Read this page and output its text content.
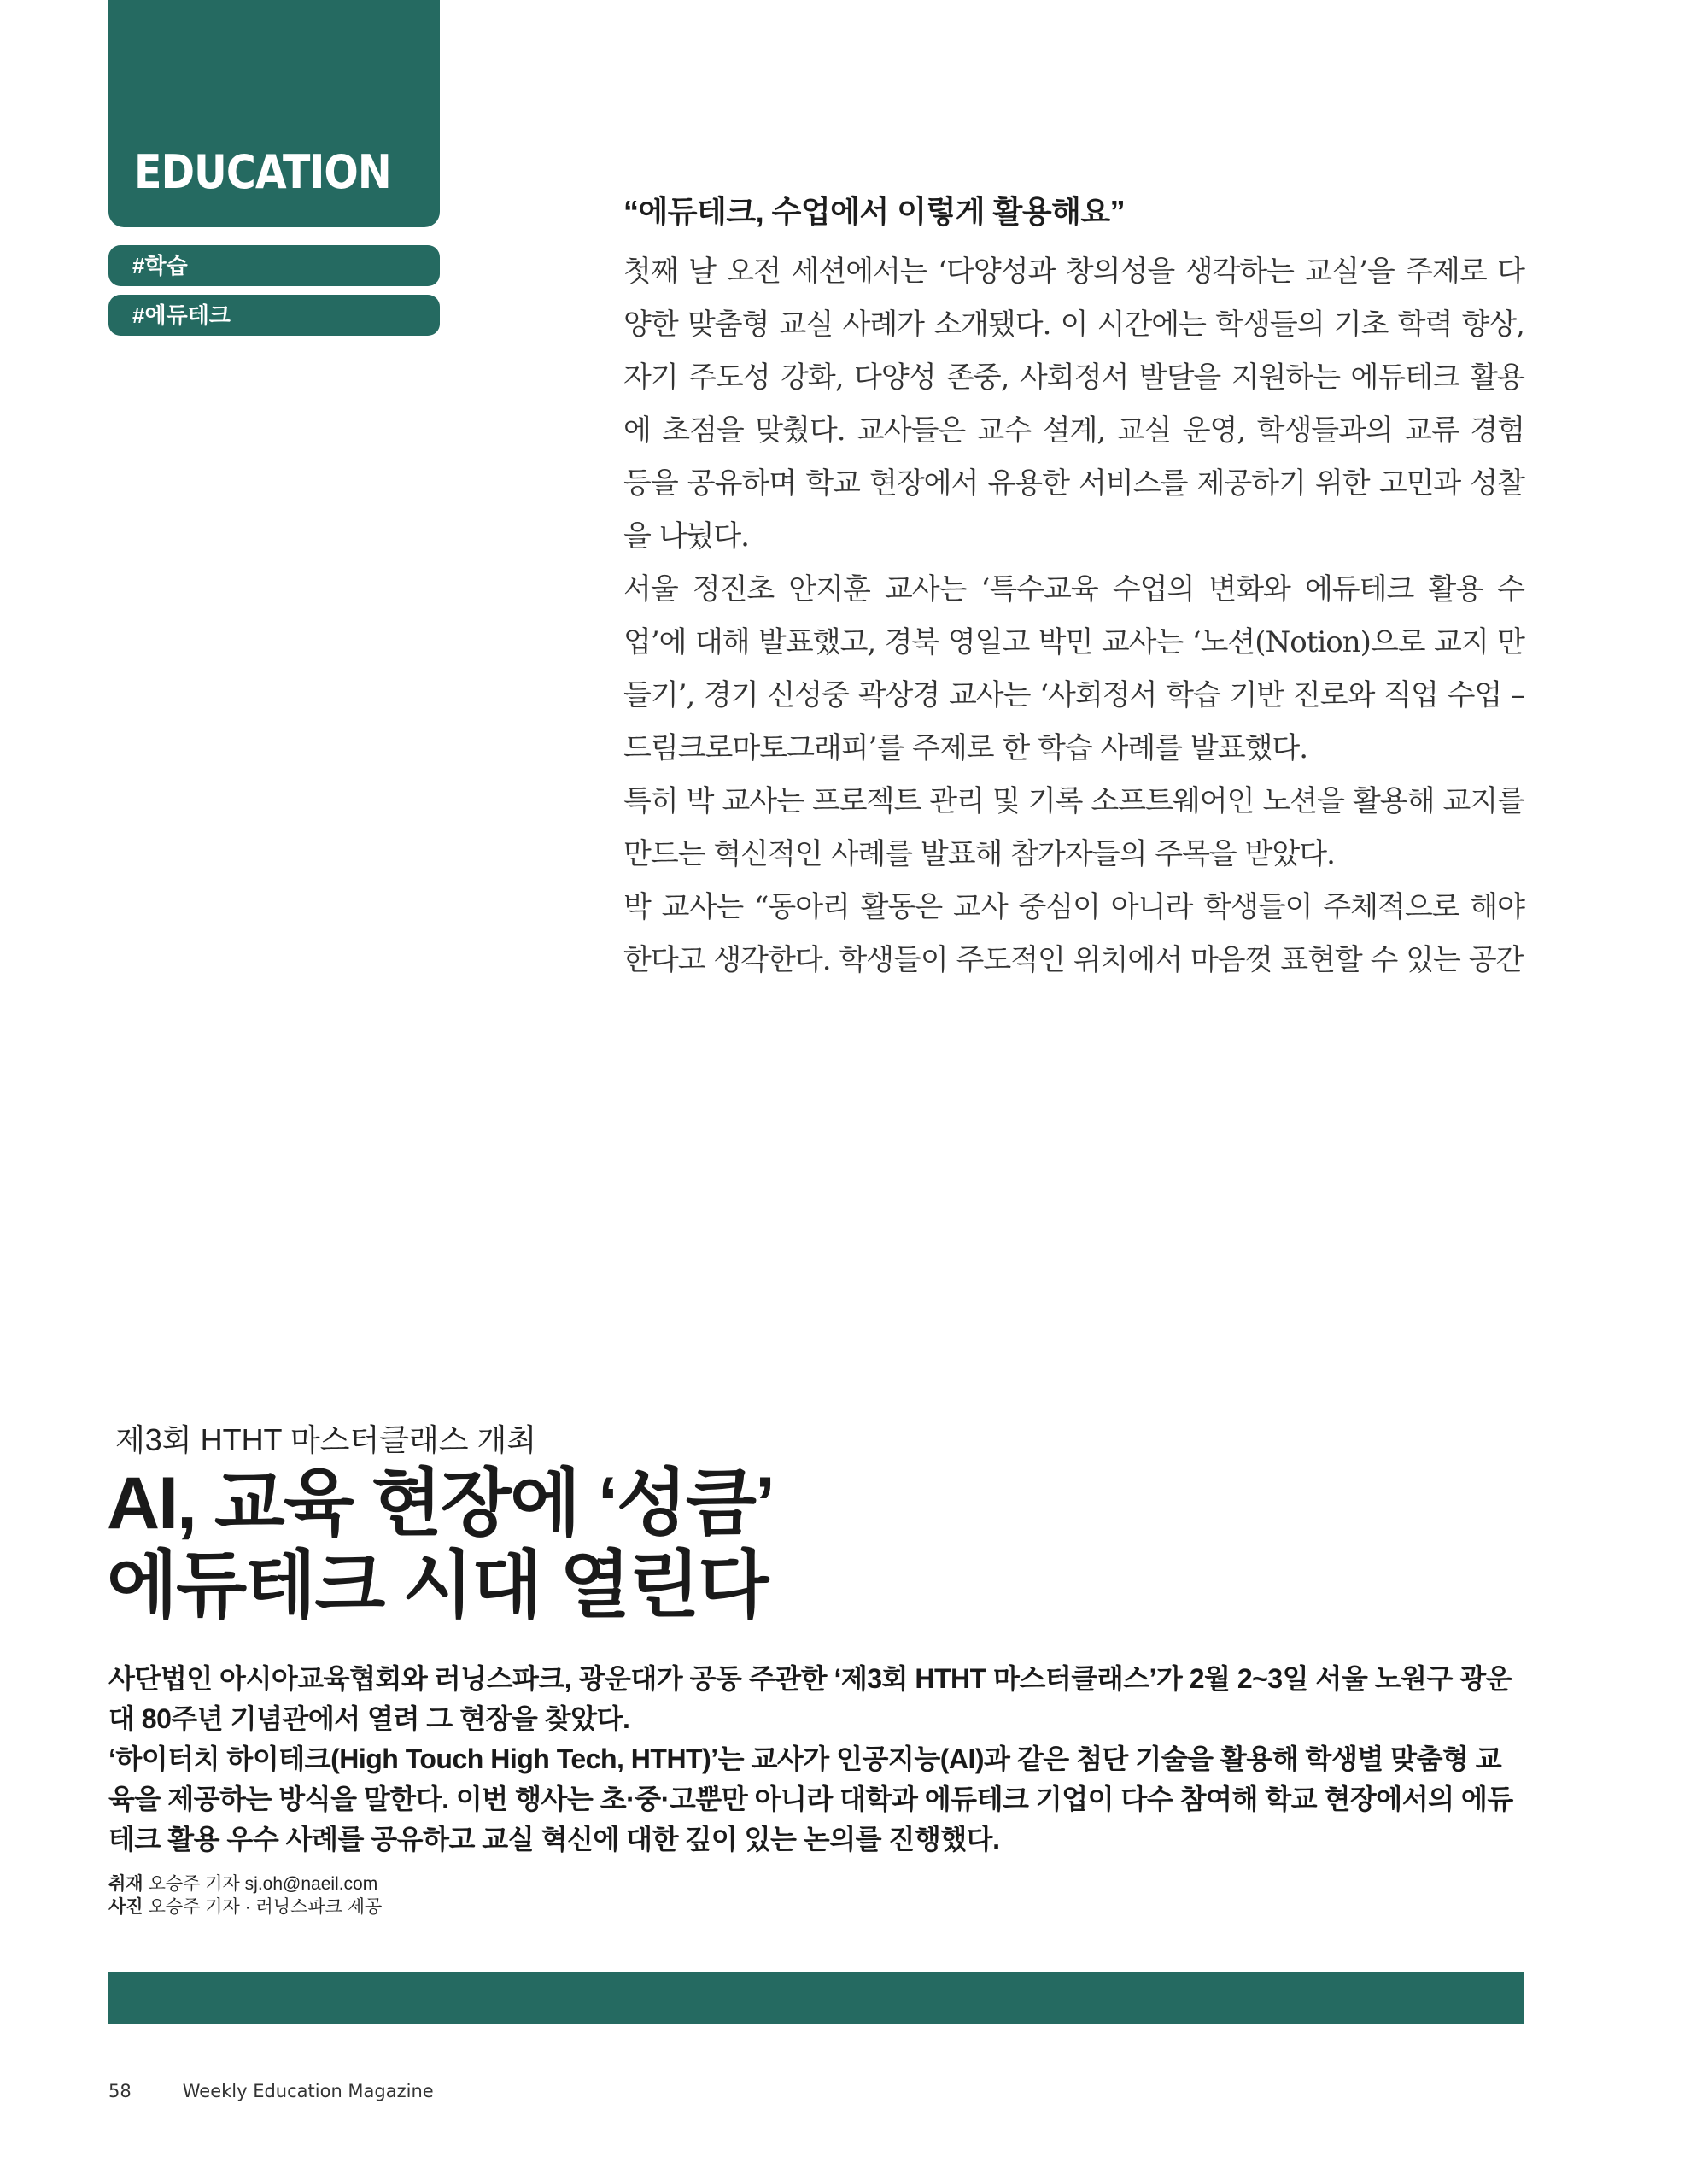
EDUCATION
#학습
#에듀테크
“에듀테크, 수업에서 이렇게 활용해요”

첫째 날 오전 세션에서는 ‘다양성과 창의성을 생각하는 교실’을 주제로 다양한 맞춤형 교실 사례가 소개됐다. 이 시간에는 학생들의 기초 학력 향상, 자기 주도성 강화, 다양성 존중, 사회정서 발달을 지원하는 에듀테크 활용에 초점을 맞췄다. 교사들은 교수 설계, 교실 운영, 학생들과의 교류 경험 등을 공유하며 학교 현장에서 유용한 서비스를 제공하기 위한 고민과 성찰을 나눴다.

서울 정진초 안지훈 교사는 ‘특수교육 수업의 변화와 에듀테크 활용 수업’에 대해 발표했고, 경북 영일고 박민 교사는 ‘노션(Notion)으로 교지 만들기’, 경기 신성중 곽상경 교사는 ‘사회정서 학습 기반 진로와 직업 수업 – 드림크로마토그래피’를 주제로 한 학습 사례를 발표했다.

특히 박 교사는 프로젝트 관리 및 기록 소프트웨어인 노션을 활용해 교지를 만드는 혁신적인 사례를 발표해 참가자들의 주목을 받았다.

박 교사는 “동아리 활동은 교사 중심이 아니라 학생들이 주체적으로 해야한다고 생각한다. 학생들이 주도적인 위치에서 마음껏 표현할 수 있는 공간

제3회 HTHT 마스터클래스 개최
AI, 교육 현장에 ‘성큼’
에듀테크 시대 열린다

사단법인 아시아교육협회와 러닝스파크, 광운대가 공동 주관한 ‘제3회 HTHT 마스터클래스’가 2월 2~3일 서울 노원구 광운대 80주년 기념관에서 열려 그 현장을 찾았다.

‘하이터치 하이테크(High Touch High Tech, HTHT)’는 교사가 인공지능(AI)과 같은 첨단 기술을 활용해 학생별 맞춤형 교육을 제공하는 방식을 말한다. 이번 행사는 초·중·고뿐만 아니라 대학과 에듀테크 기업이 다수 참여해 학교 현장에서의 에듀테크 활용 우수 사례를 공유하고 교실 혁신에 대한 깊이 있는 논의를 진행했다.

취재 오승주 기자 sj.oh@naeil.com
사진 오승주 기자 · 러닝스파크 제공
58	Weekly Education Magazine
